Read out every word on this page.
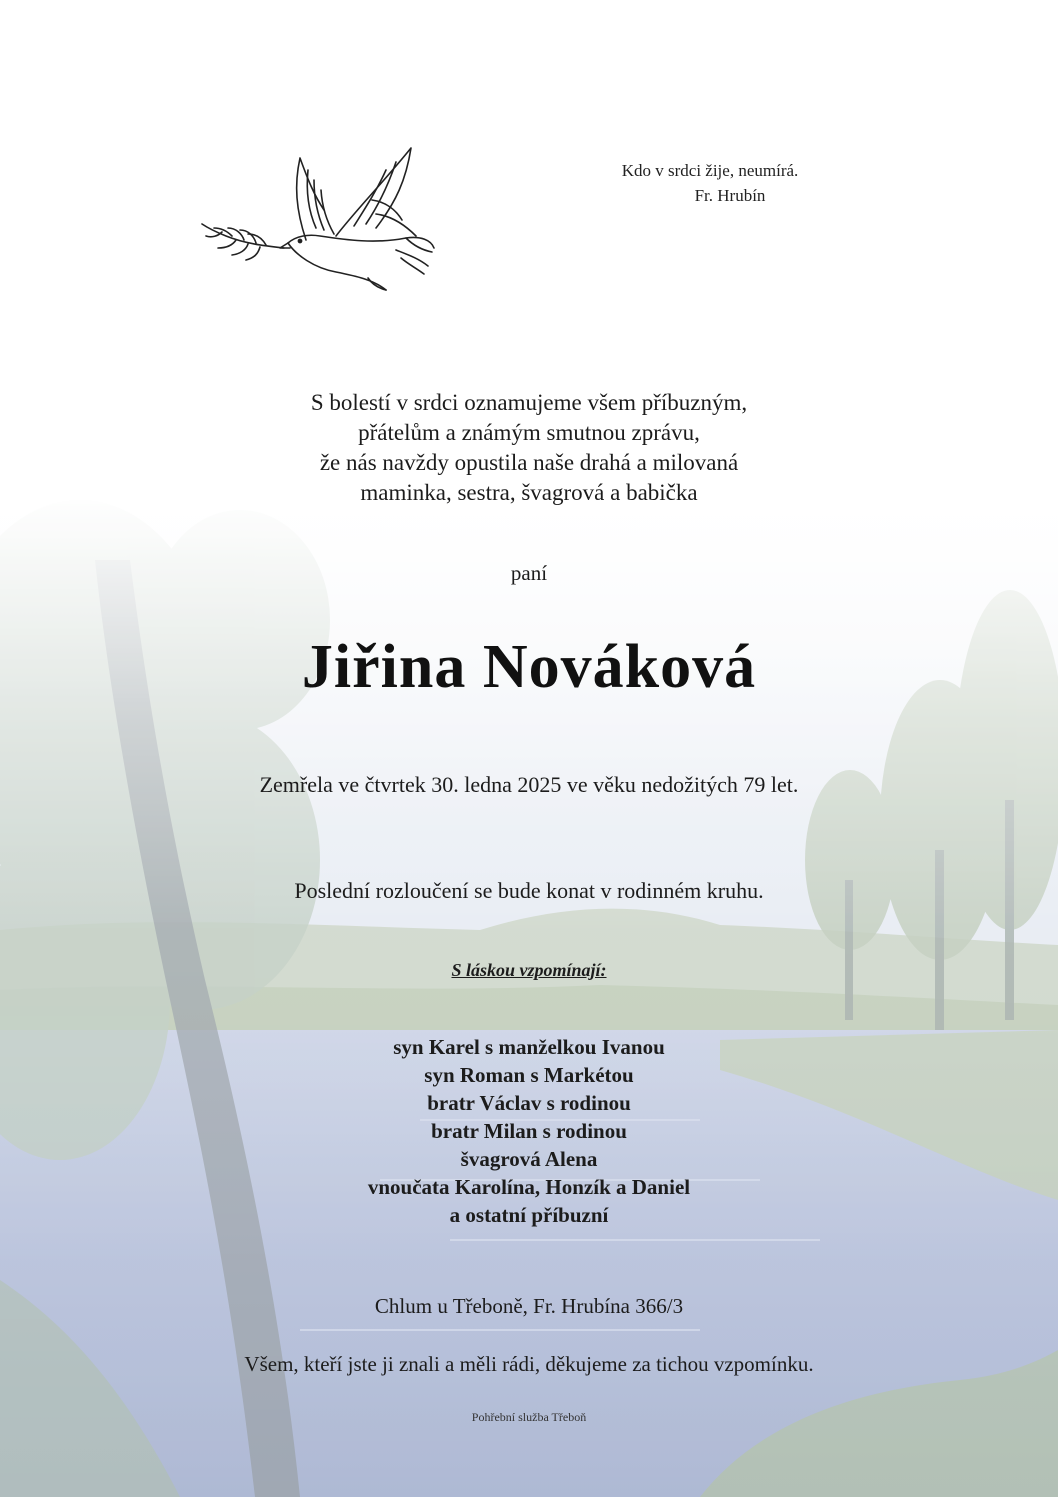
Kdo v srdci žije, neumírá.
Fr. Hrubín
S bolestí v srdci oznamujeme všem příbuzným,
přátelům a známým smutnou zprávu,
že nás navždy opustila naše drahá a milovaná
maminka, sestra, švagrová a babička
paní
Jiřina Nováková
Zemřela ve čtvrtek 30. ledna 2025 ve věku nedožitých 79 let.
Poslední rozloučení se bude konat v rodinném kruhu.
S láskou vzpomínají:
syn Karel s manželkou Ivanou
syn Roman s Markétou
bratr Václav s rodinou
bratr Milan s rodinou
švagrová Alena
vnoučata Karolína, Honzík a Daniel
a ostatní příbuzní
Chlum u Třeboně, Fr. Hrubína 366/3
Všem, kteří jste ji znali a měli rádi, děkujeme za tichou vzpomínku.
Pohřební služba Třeboň
